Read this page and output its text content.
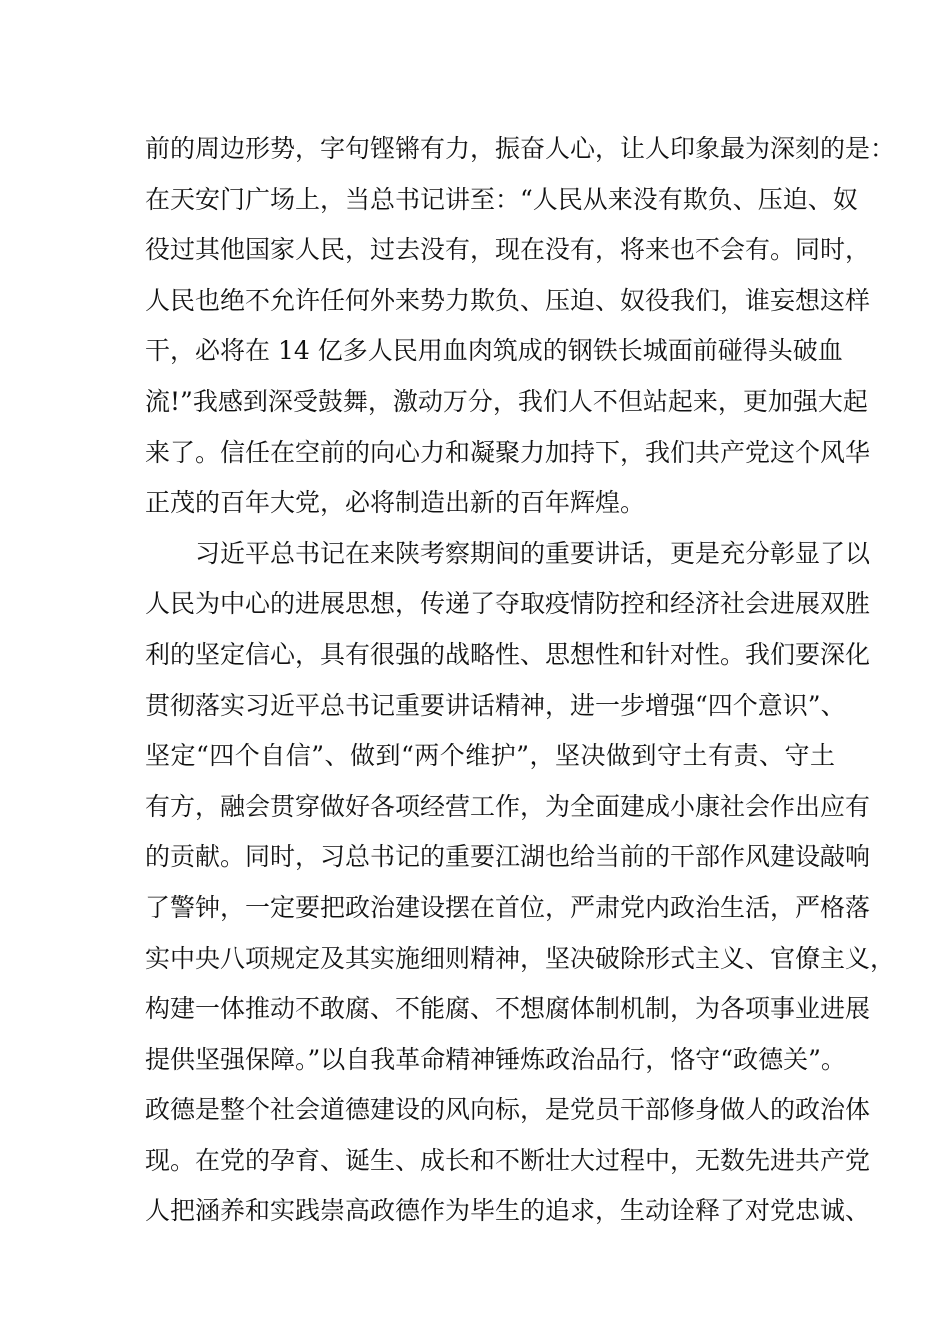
前的周边形势，字句铿锵有力，振奋人心，让人印象最为深刻的是：
在天安门广场上，当总书记讲至：“人民从来没有欺负、压迫、奴
役过其他国家人民，过去没有，现在没有，将来也不会有。同时，
人民也绝不允许任何外来势力欺负、压迫、奴役我们，谁妄想这样
干，必将在 14 亿多人民用血肉筑成的钢铁长城面前碰得头破血
流!”我感到深受鼓舞，激动万分，我们人不但站起来，更加强大起
来了。信任在空前的向心力和凝聚力加持下，我们共产党这个风华
正茂的百年大党，必将制造出新的百年辉煌。
习近平总书记在来陕考察期间的重要讲话，更是充分彰显了以
人民为中心的进展思想，传递了夺取疫情防控和经济社会进展双胜
利的坚定信心，具有很强的战略性、思想性和针对性。我们要深化
贯彻落实习近平总书记重要讲话精神，进一步增强“四个意识”、
坚定“四个自信”、做到“两个维护”，坚决做到守土有责、守土
有方，融会贯穿做好各项经营工作，为全面建成小康社会作出应有
的贡献。同时，习总书记的重要江湖也给当前的干部作风建设敲响
了警钟，一定要把政治建设摆在首位，严肃党内政治生活，严格落
实中央八项规定及其实施细则精神，坚决破除形式主义、官僚主义，
构建一体推动不敢腐、不能腐、不想腐体制机制，为各项事业进展
提供坚强保障。”以自我革命精神锤炼政治品行，恪守“政德关”。
政德是整个社会道德建设的风向标，是党员干部修身做人的政治体
现。在党的孕育、诞生、成长和不断壮大过程中，无数先进共产党
人把涵养和实践崇高政德作为毕生的追求，生动诠释了对党忠诚、
